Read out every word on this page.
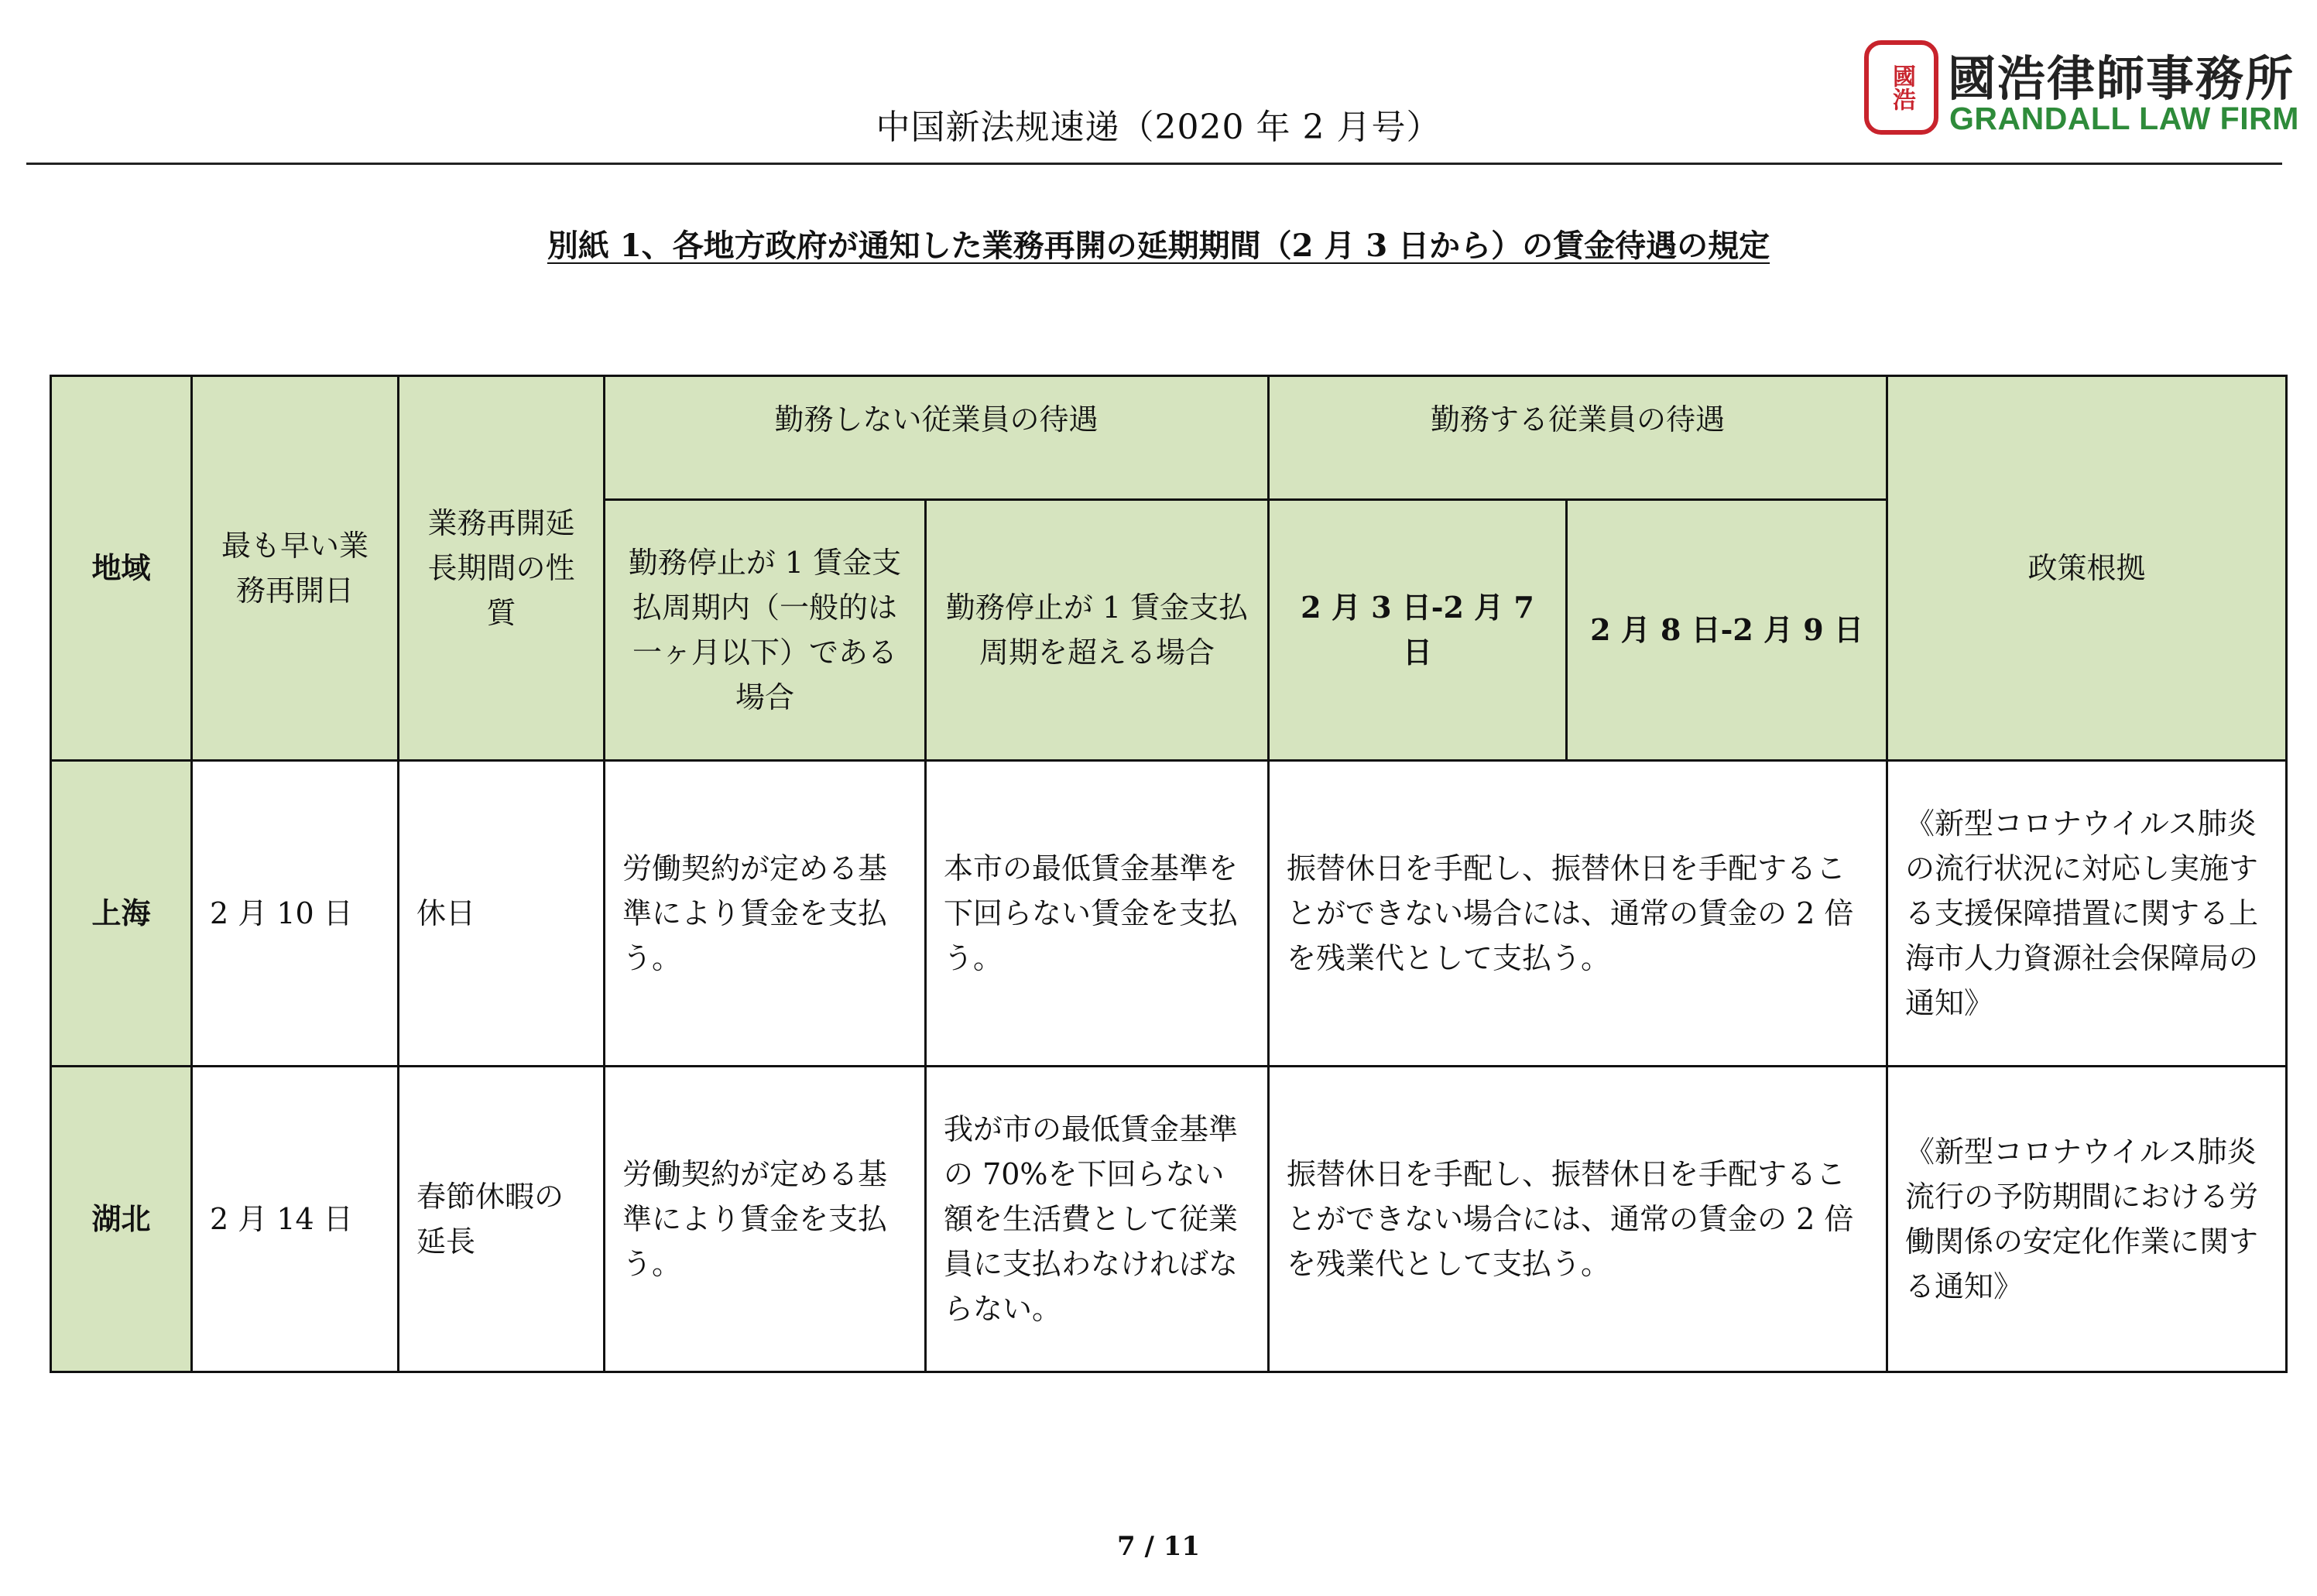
中国新法规速递（2020 年 2 月号）
國浩 國浩律師事務所
GRANDALL LAW FIRM
別紙 1、各地方政府が通知した業務再開の延期期間（2 月 3 日から）の賃金待遇の規定
地域	最も早い業務再開日	業務再開延長期間の性質	勤務しない従業員の待遇		勤務する従業員の待遇		政策根拠
			勤務停止が 1 賃金支払周期内（一般的は一ヶ月以下）である場合	勤務停止が 1 賃金支払周期を超える場合	2 月 3 日-2 月 7 日	2 月 8 日-2 月 9 日	
上海	2 月 10 日	休日	労働契約が定める基準により賃金を支払う。	本市の最低賃金基準を下回らない賃金を支払う。	振替休日を手配し、振替休日を手配することができない場合には、通常の賃金の 2 倍を残業代として支払う。		《新型コロナウイルス肺炎の流行状況に対応し実施する支援保障措置に関する上海市人力資源社会保障局の通知》
湖北	2 月 14 日	春節休暇の延長	労働契約が定める基準により賃金を支払う。	我が市の最低賃金基準の 70%を下回らない額を生活費として従業員に支払わなければならない。	振替休日を手配し、振替休日を手配することができない場合には、通常の賃金の 2 倍を残業代として支払う。		《新型コロナウイルス肺炎流行の予防期間における労働関係の安定化作業に関する通知》
7 / 11
